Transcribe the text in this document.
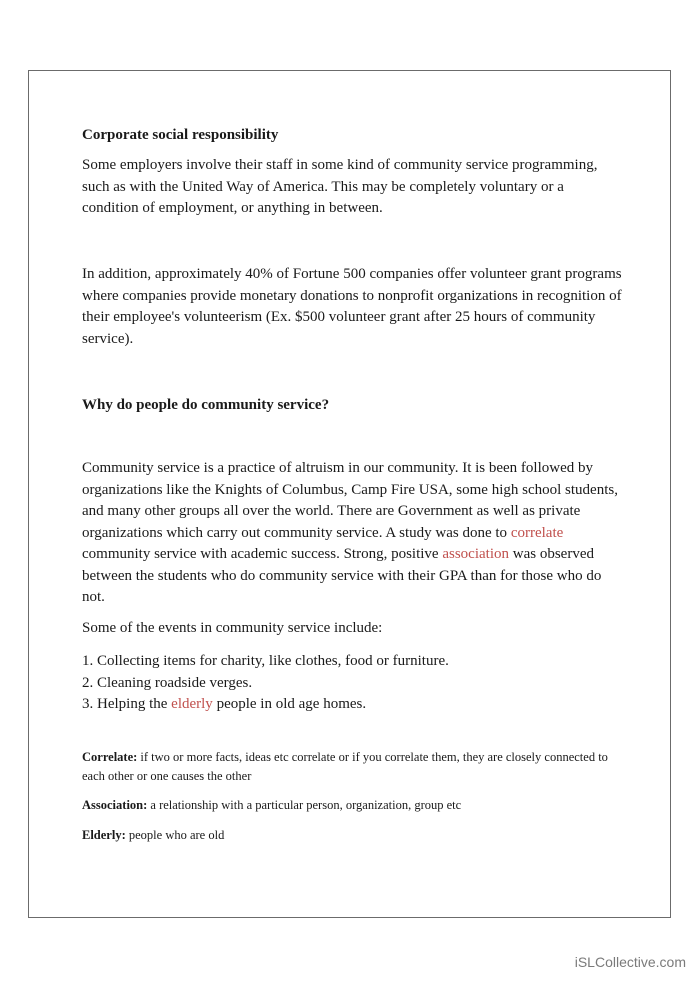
Corporate social responsibility

Some employers involve their staff in some kind of community service programming, such as with the United Way of America. This may be completely voluntary or a condition of employment, or anything in between.

In addition, approximately 40% of Fortune 500 companies offer volunteer grant programs where companies provide monetary donations to nonprofit organizations in recognition of their employee's volunteerism (Ex. $500 volunteer grant after 25 hours of community service).

Why do people do community service?

Community service is a practice of altruism in our community. It is been followed by organizations like the Knights of Columbus, Camp Fire USA, some high school students, and many other groups all over the world. There are Government as well as private organizations which carry out community service. A study was done to correlate community service with academic success. Strong, positive association was observed between the students who do community service with their GPA than for those who do not.

Some of the events in community service include:

1. Collecting items for charity, like clothes, food or furniture.
2. Cleaning roadside verges.
3. Helping the elderly people in old age homes.

Correlate: if two or more facts, ideas etc correlate or if you correlate them, they are closely connected to each other or one causes the other

Association: a relationship with a particular person, organization, group etc

Elderly: people who are old

iSLCollective.com
